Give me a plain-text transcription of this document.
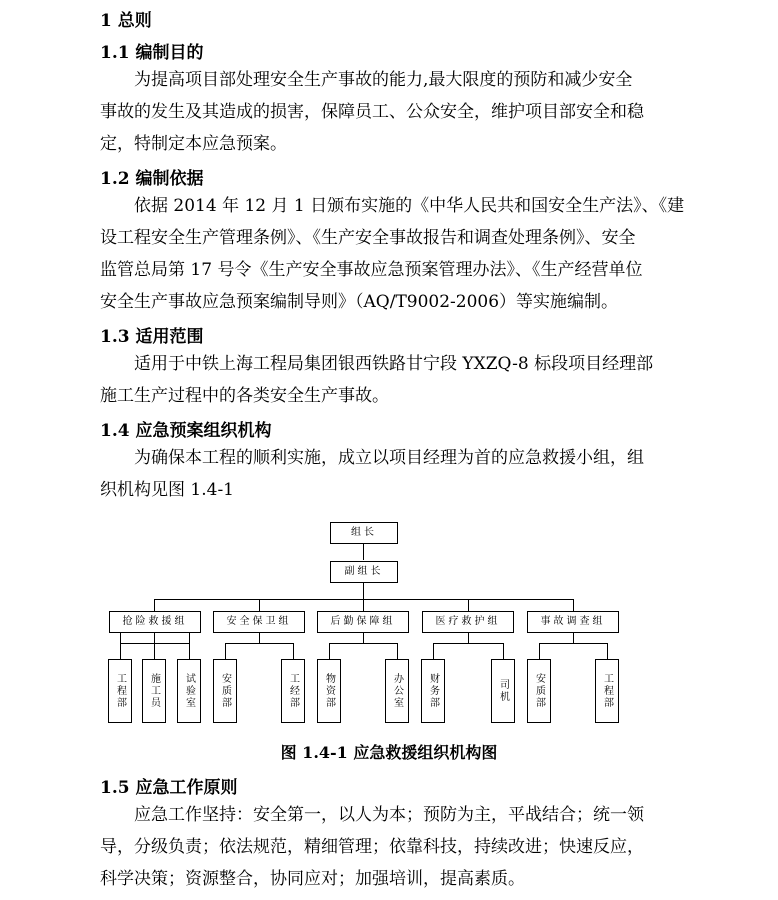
1 总则
1.1 编制目的
为提高项目部处理安全生产事故的能力,最大限度的预防和减少安全
事故的发生及其造成的损害，保障员工、公众安全，维护项目部安全和稳
定，特制定本应急预案。
1.2 编制依据
依据 2014 年 12 月 1 日颁布实施的《中华人民共和国安全生产法》、《建
设工程安全生产管理条例》、《生产安全事故报告和调查处理条例》、安全
监管总局第 17 号令《生产安全事故应急预案管理办法》、《生产经营单位
安全生产事故应急预案编制导则》（AQ/T9002-2006）等实施编制。
1.3 适用范围
适用于中铁上海工程局集团银西铁路甘宁段 YXZQ-8 标段项目经理部
施工生产过程中的各类安全生产事故。
1.4 应急预案组织机构
为确保本工程的顺利实施，成立以项目经理为首的应急救援小组，组
织机构见图 1.4-1
组长
副组长
抢险救援组	安全保卫组	后勤保障组	医疗救护组	事故调查组
工程部	施工员	试验室	安质部	工经部	物资部	办公室	财务部	司机	安质部	工程部
图 1.4-1 应急救援组织机构图
1.5 应急工作原则
应急工作坚持：安全第一，以人为本；预防为主，平战结合；统一领
导，分级负责；依法规范，精细管理；依靠科技，持续改进；快速反应，
科学决策；资源整合，协同应对；加强培训，提高素质。
